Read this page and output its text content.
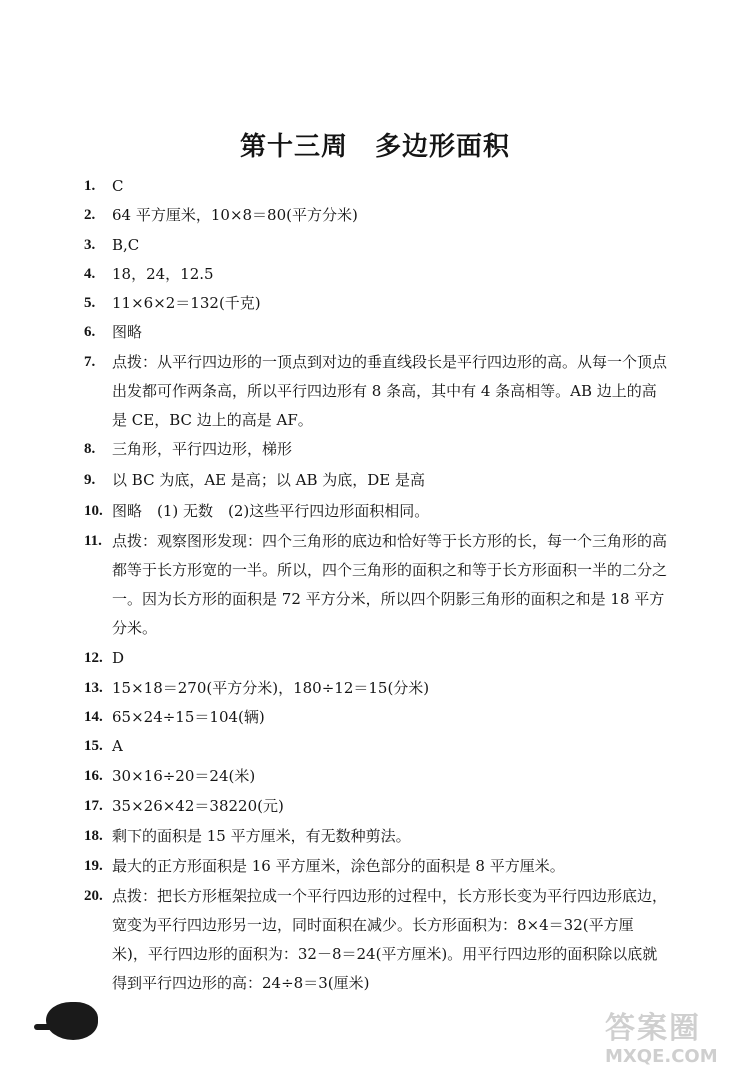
第十三周　多边形面积
1.	C
2.	64 平方厘米，10×8＝80(平方分米)
3.	B,C
4.	18，24，12.5
5.	11×6×2＝132(千克)
6.	图略
7.	点拨：从平行四边形的一顶点到对边的垂直线段长是平行四边形的高。从每一个顶点出发都可作两条高，所以平行四边形有 8 条高，其中有 4 条高相等。AB 边上的高是 CE，BC 边上的高是 AF。
8.	三角形，平行四边形，梯形
9.	以 BC 为底，AE 是高；以 AB 为底，DE 是高
10. 图略　(1) 无数　(2)这些平行四边形面积相同。
11. 点拨：观察图形发现：四个三角形的底边和恰好等于长方形的长，每一个三角形的高都等于长方形宽的一半。所以，四个三角形的面积之和等于长方形面积一半的二分之一。因为长方形的面积是 72 平方分米，所以四个阴影三角形的面积之和是 18 平方分米。
12. D
13. 15×18＝270(平方分米)，180÷12＝15(分米)
14. 65×24÷15＝104(辆)
15. A
16. 30×16÷20＝24(米)
17. 35×26×42＝38220(元)
18. 剩下的面积是 15 平方厘米，有无数种剪法。
19. 最大的正方形面积是 16 平方厘米，涂色部分的面积是 8 平方厘米。
20. 点拨：把长方形框架拉成一个平行四边形的过程中，长方形长变为平行四边形底边，宽变为平行四边形另一边，同时面积在减少。长方形面积为：8×4＝32(平方厘米)，平行四边形的面积为：32－8＝24(平方厘米)。用平行四边形的面积除以底就得到平行四边形的高：24÷8＝3(厘米)
答案圈
MXQE.COM
